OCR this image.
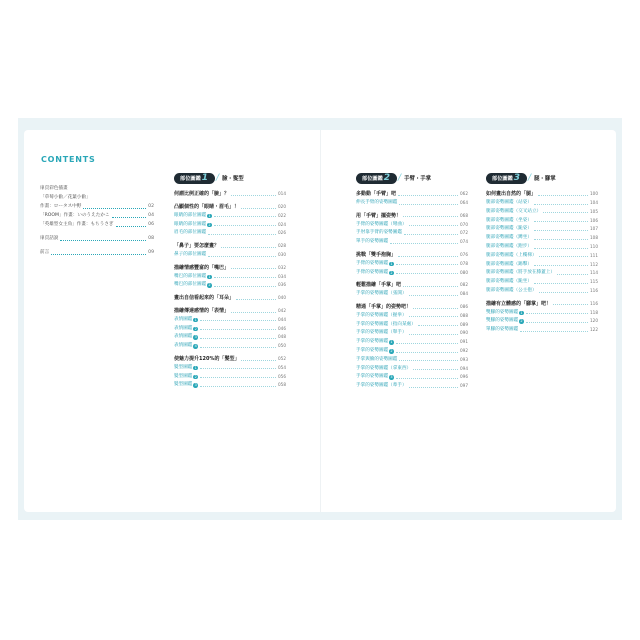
CONTENTS
扉頁彩色插畫
「草莓小偷／花葉小偷」
作畫：ロータス中野	02
「ROOM」作畫：いのうえたかこ	04
「英雄型女主角」作畫：もちうさぎ	06
扉頁話說	08
前言	09
部位圖鑑 1 / 臉・髮型
何謂比例正確的「臉」？	014
凸顯個性的「眼睛・眉毛」！	020
眼睛的部位圖鑑 1	022
眼睛的部位圖鑑 2	024
眉毛的部位圖鑑	026
「鼻子」要怎麼畫？	028
鼻子的部位圖鑑	030
描繪情感豐富的「嘴巴」	032
嘴巴的部位圖鑑 1	034
嘴巴的部位圖鑑 2	036
畫出自信看起來的「耳朵」	040
描繪傳達感情的「表情」	042
表情圖鑑 1	044
表情圖鑑 2	046
表情圖鑑 3	048
表情圖鑑 4	050
使魅力提升120%的「髮型」	052
髮型圖鑑 1	054
髮型圖鑑 2	056
髮型圖鑑 3	058
部位圖鑑 2 / 手臂・手掌
多動動「手臂」吧	062
伸長手臂的姿勢圖鑑	064
用「手臂」擺姿勢！	068
手臂的姿勢圖鑑（彎曲）	070
手肘靠手臂的姿勢圖鑑	072
單手的姿勢圖鑑	074
挑戰「雙手抱胸」	076
手臂的姿勢圖鑑 1	078
手臂的姿勢圖鑑 2	080
輕鬆描繪「手掌」吧	082
手掌的姿勢圖鑑（張開）	084
精通「手掌」的姿勢吧！	086
手掌的姿勢圖鑑（握拳）	088
手掌的姿勢圖鑑（指向某處）	089
手掌的姿勢圖鑑（舉手）	090
手掌的姿勢圖鑑 1	091
手掌的姿勢圖鑑 2	092
手掌與臉的姿勢圖鑑	093
手掌的姿勢圖鑑（拿東西）	094
手掌的姿勢圖鑑 3	096
手掌的姿勢圖鑑（牽手）	097
部位圖鑑 3 / 腿・腳掌
如何畫出自然的「腿」	100
腿部姿勢圖鑑（站姿）	104
腿部姿勢圖鑑（交叉站立）	105
腿部姿勢圖鑑（坐姿）	106
腿部姿勢圖鑑（跪姿）	107
腿部姿勢圖鑑（蹲坐）	108
腿部姿勢圖鑑（跑步）	110
腿部姿勢圖鑑（上樓梯）	111
腿部姿勢圖鑑（踢擊）	112
腿部姿勢圖鑑（將手放在膝蓋上）	114
腿部姿勢圖鑑（跪坐）	115
腿部姿勢圖鑑（公主抱）	116
描繪有立體感的「腳掌」吧！	116
雙腳的姿勢圖鑑 1	118
雙腳的姿勢圖鑑 2	120
單腳的姿勢圖鑑	122
